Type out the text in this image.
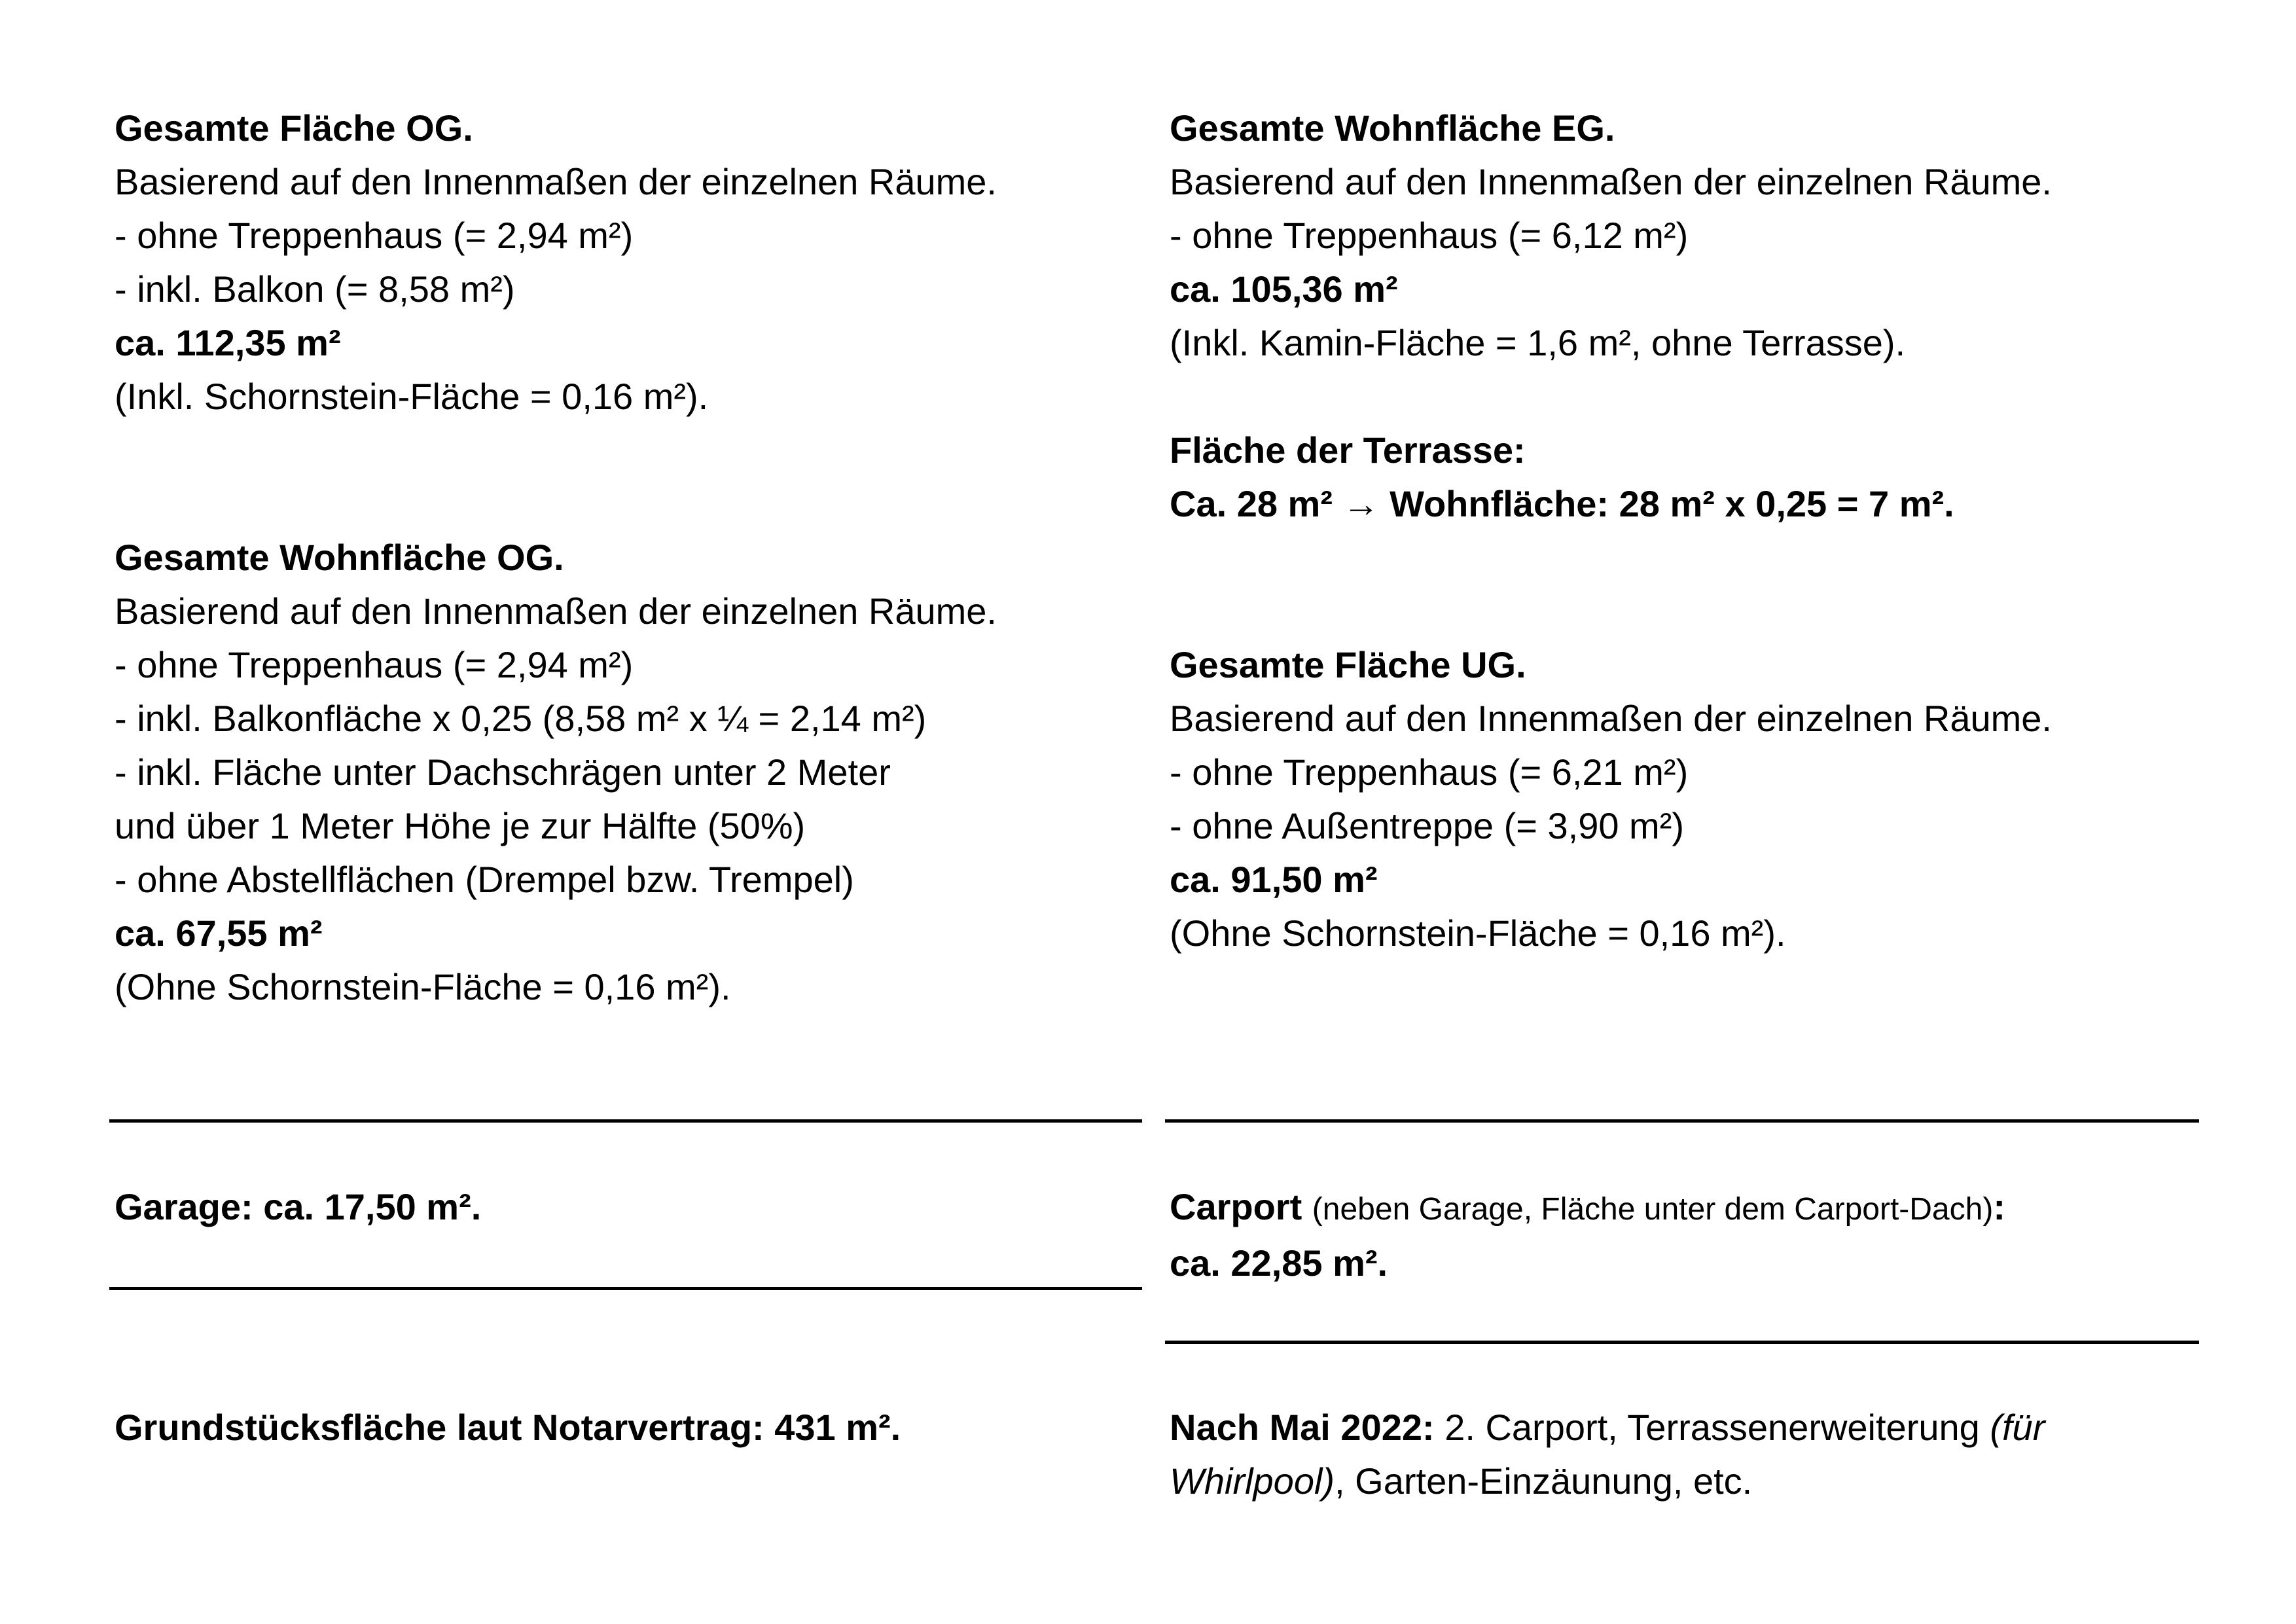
Gesamte Fläche OG.
Basierend auf den Innenmaßen der einzelnen Räume.
- ohne Treppenhaus (= 2,94 m²)
- inkl. Balkon (= 8,58 m²)
ca. 112,35 m²
(Inkl. Schornstein-Fläche = 0,16 m²).
Gesamte Wohnfläche OG.
Basierend auf den Innenmaßen der einzelnen Räume.
- ohne Treppenhaus (= 2,94 m²)
- inkl. Balkonfläche x 0,25 (8,58 m² x ¼ = 2,14 m²)
- inkl. Fläche unter Dachschrägen unter 2 Meter
und über 1 Meter Höhe je zur Hälfte (50%)
- ohne Abstellflächen (Drempel bzw. Trempel)
ca. 67,55 m²
(Ohne Schornstein-Fläche = 0,16 m²).
Gesamte Wohnfläche EG.
Basierend auf den Innenmaßen der einzelnen Räume.
- ohne Treppenhaus (= 6,12 m²)
ca. 105,36 m²
(Inkl. Kamin-Fläche = 1,6 m², ohne Terrasse).
Fläche der Terrasse:
Ca. 28 m² → Wohnfläche: 28 m² x 0,25 = 7 m².
Gesamte Fläche UG.
Basierend auf den Innenmaßen der einzelnen Räume.
- ohne Treppenhaus (= 6,21 m²)
- ohne Außentreppe (= 3,90 m²)
ca. 91,50 m²
(Ohne Schornstein-Fläche = 0,16 m²).
Garage: ca. 17,50 m².	Carport (neben Garage, Fläche unter dem Carport-Dach):
ca. 22,85 m².
Grundstücksfläche laut Notarvertrag: 431 m².	Nach Mai 2022: 2. Carport, Terrassenerweiterung (für
Whirlpool), Garten-Einzäunung, etc.
